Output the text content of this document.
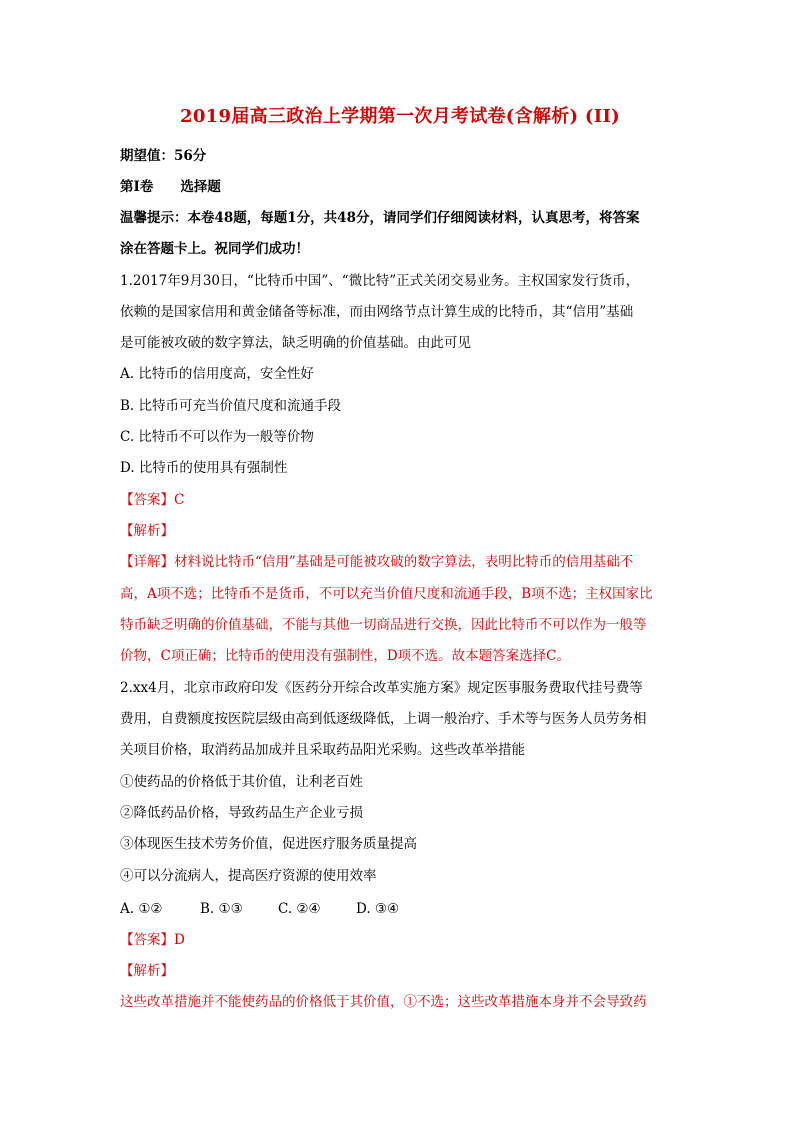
2019届高三政治上学期第一次月考试卷(含解析) (II)
期望值：56分
第Ⅰ卷　　选择题
温馨提示：本卷48题，每题1分，共48分，请同学们仔细阅读材料，认真思考，将答案
涂在答题卡上。祝同学们成功！
1.2017年9月30日，“比特币中国”、“微比特”正式关闭交易业务。主权国家发行货币，
依赖的是国家信用和黄金储备等标准，而由网络节点计算生成的比特币，其“信用”基础
是可能被攻破的数字算法，缺乏明确的价值基础。由此可见
A. 比特币的信用度高，安全性好
B. 比特币可充当价值尺度和流通手段
C. 比特币不可以作为一般等价物
D. 比特币的使用具有强制性
【答案】C
【解析】
【详解】材料说比特币“信用”基础是可能被攻破的数字算法，表明比特币的信用基础不
高，A项不选；比特币不是货币，不可以充当价值尺度和流通手段，B项不选；主权国家比
特币缺乏明确的价值基础，不能与其他一切商品进行交换，因此比特币不可以作为一般等
价物，C项正确；比特币的使用没有强制性，D项不选。故本题答案选择C。
2.xx4月，北京市政府印发《医药分开综合改革实施方案》规定医事服务费取代挂号费等
费用，自费额度按医院层级由高到低逐级降低，上调一般治疗、手术等与医务人员劳务相
关项目价格，取消药品加成并且采取药品阳光采购。这些改革举措能
①使药品的价格低于其价值，让利老百姓
②降低药品价格，导致药品生产企业亏损
③体现医生技术劳务价值，促进医疗服务质量提高
④可以分流病人，提高医疗资源的使用效率
A. ①②	B. ①③	C. ②④	D. ③④
【答案】D
【解析】
这些改革措施并不能使药品的价格低于其价值，①不选；这些改革措施本身并不会导致药
